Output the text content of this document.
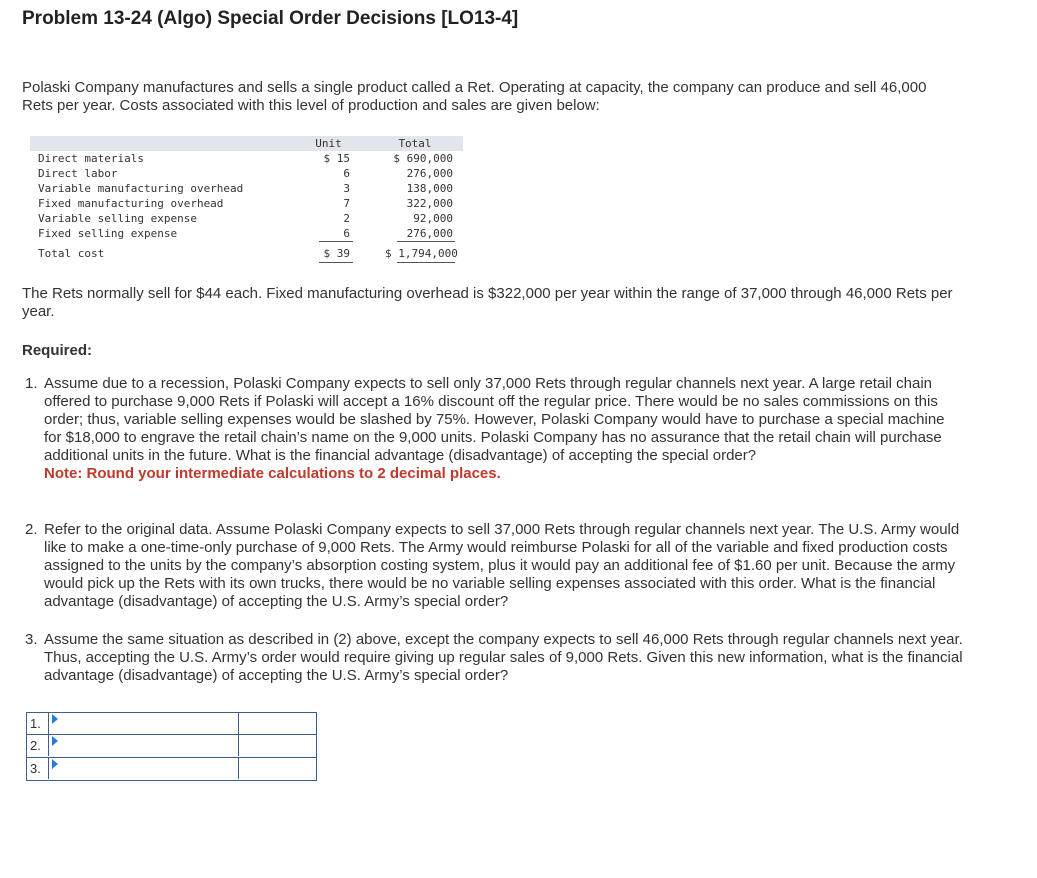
Problem 13-24 (Algo) Special Order Decisions [LO13-4]
Polaski Company manufactures and sells a single product called a Ret. Operating at capacity, the company can produce and sell 46,000 Rets per year. Costs associated with this level of production and sales are given below:
Unit	Total
Direct materials	$ 15	$ 690,000
Direct labor	6	276,000
Variable manufacturing overhead	3	138,000
Fixed manufacturing overhead	7	322,000
Variable selling expense	2	92,000
Fixed selling expense	6	276,000
Total cost	$ 39	$ 1,794,000
The Rets normally sell for $44 each. Fixed manufacturing overhead is $322,000 per year within the range of 37,000 through 46,000 Rets per year.
Required:
1. Assume due to a recession, Polaski Company expects to sell only 37,000 Rets through regular channels next year. A large retail chain offered to purchase 9,000 Rets if Polaski will accept a 16% discount off the regular price. There would be no sales commissions on this order; thus, variable selling expenses would be slashed by 75%. However, Polaski Company would have to purchase a special machine for $18,000 to engrave the retail chain’s name on the 9,000 units. Polaski Company has no assurance that the retail chain will purchase additional units in the future. What is the financial advantage (disadvantage) of accepting the special order?
Note: Round your intermediate calculations to 2 decimal places.
2. Refer to the original data. Assume Polaski Company expects to sell 37,000 Rets through regular channels next year. The U.S. Army would like to make a one-time-only purchase of 9,000 Rets. The Army would reimburse Polaski for all of the variable and fixed production costs assigned to the units by the company’s absorption costing system, plus it would pay an additional fee of $1.60 per unit. Because the army would pick up the Rets with its own trucks, there would be no variable selling expenses associated with this order. What is the financial advantage (disadvantage) of accepting the U.S. Army’s special order?
3. Assume the same situation as described in (2) above, except the company expects to sell 46,000 Rets through regular channels next year. Thus, accepting the U.S. Army’s order would require giving up regular sales of 9,000 Rets. Given this new information, what is the financial advantage (disadvantage) of accepting the U.S. Army’s special order?
1.
2.
3.
